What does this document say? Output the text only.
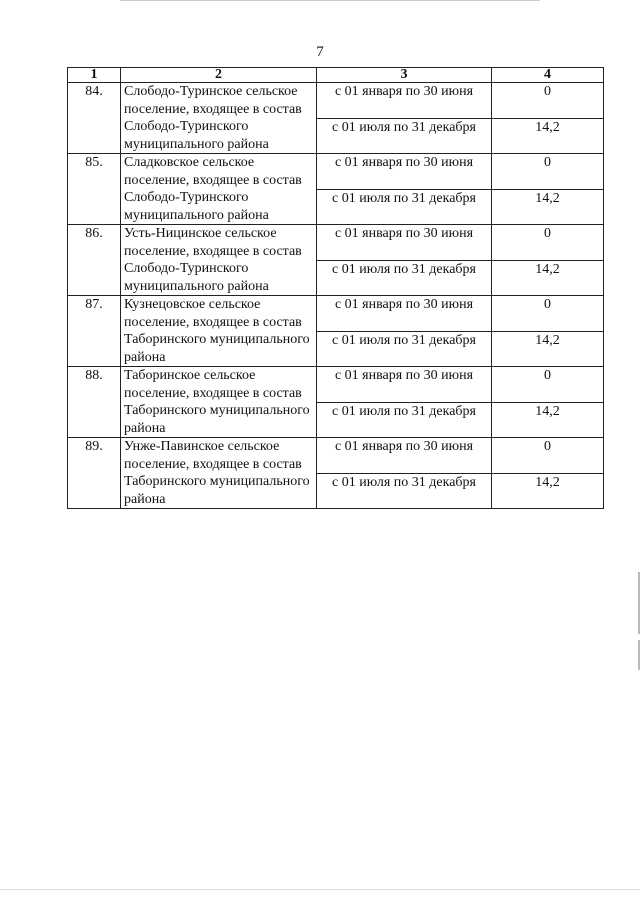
7
1	2	3	4
84.	Слободо-Туринское сельское поселение, входящее в состав Слободо-Туринского муниципального района	с 01 января по 30 июня	0
		с 01 июля по 31 декабря	14,2
85.	Сладковское сельское поселение, входящее в состав Слободо-Туринского муниципального района	с 01 января по 30 июня	0
		с 01 июля по 31 декабря	14,2
86.	Усть-Ницинское сельское поселение, входящее в состав Слободо-Туринского муниципального района	с 01 января по 30 июня	0
		с 01 июля по 31 декабря	14,2
87.	Кузнецовское сельское поселение, входящее в состав Таборинского муниципального района	с 01 января по 30 июня	0
		с 01 июля по 31 декабря	14,2
88.	Таборинское сельское поселение, входящее в состав Таборинского муниципального района	с 01 января по 30 июня	0
		с 01 июля по 31 декабря	14,2
89.	Унже-Павинское сельское поселение, входящее в состав Таборинского муниципального района	с 01 января по 30 июня	0
		с 01 июля по 31 декабря	14,2
